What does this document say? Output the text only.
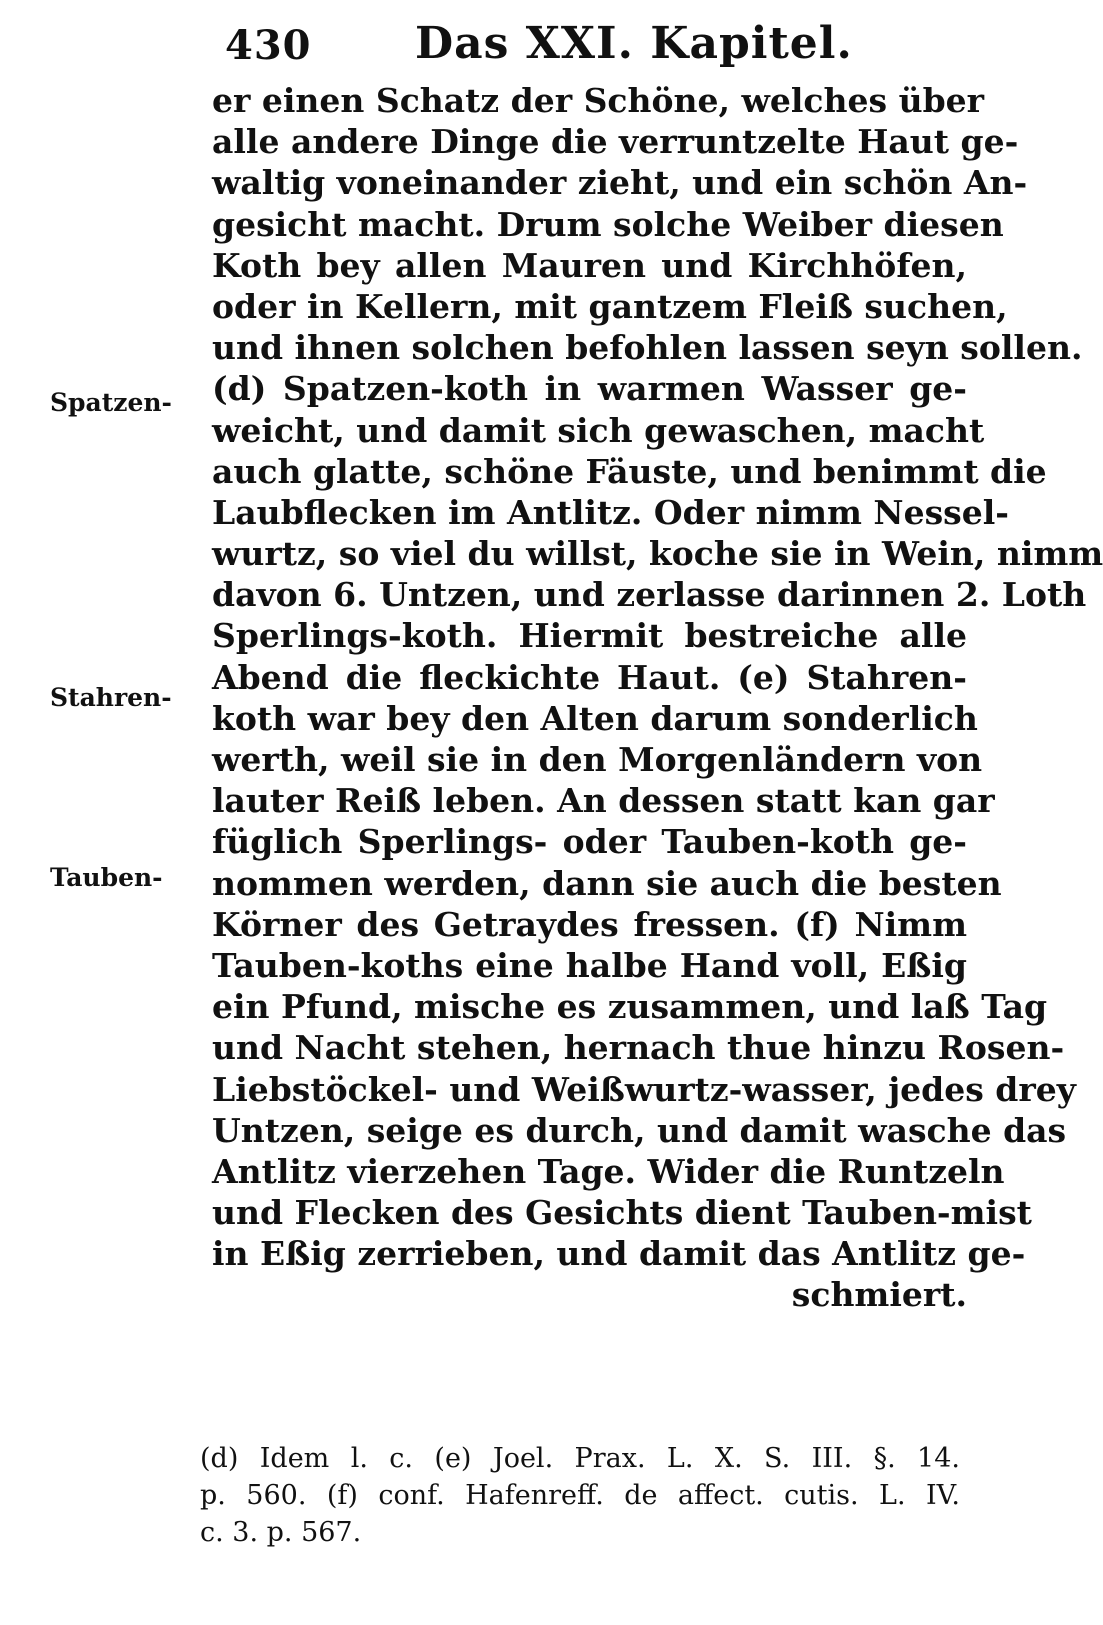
430 Das XXI. Kapitel.
Spatzen-
Stahren-
Tauben-
er einen Schatz der Schöne, welches über
alle andere Dinge die verruntzelte Haut ge-
waltig voneinander zieht, und ein schön An-
gesicht macht. Drum solche Weiber diesen
Koth bey allen Mauren und Kirchhöfen,
oder in Kellern, mit gantzem Fleiß suchen,
und ihnen solchen befohlen lassen seyn sollen.
(d) Spatzen-koth in warmen Wasser ge-
weicht, und damit sich gewaschen, macht
auch glatte, schöne Fäuste, und benimmt die
Laubflecken im Antlitz. Oder nimm Nessel-
wurtz, so viel du willst, koche sie in Wein, nimm
davon 6. Untzen, und zerlasse darinnen 2. Loth
Sperlings-koth. Hiermit bestreiche alle
Abend die fleckichte Haut. (e) Stahren-
koth war bey den Alten darum sonderlich
werth, weil sie in den Morgenländern von
lauter Reiß leben. An dessen statt kan gar
füglich Sperlings- oder Tauben-koth ge-
nommen werden, dann sie auch die besten
Körner des Getraydes fressen. (f) Nimm
Tauben-koths eine halbe Hand voll, Eßig
ein Pfund, mische es zusammen, und laß Tag
und Nacht stehen, hernach thue hinzu Rosen-
Liebstöckel- und Weißwurtz-wasser, jedes drey
Untzen, seige es durch, und damit wasche das
Antlitz vierzehen Tage. Wider die Runtzeln
und Flecken des Gesichts dient Tauben-mist
in Eßig zerrieben, und damit das Antlitz ge-
schmiert.
(d) Idem l. c. (e) Joel. Prax. L. X. S. III. §. 14.
p. 560. (f) conf. Hafenreff. de affect. cutis. L. IV.
c. 3. p. 567.
